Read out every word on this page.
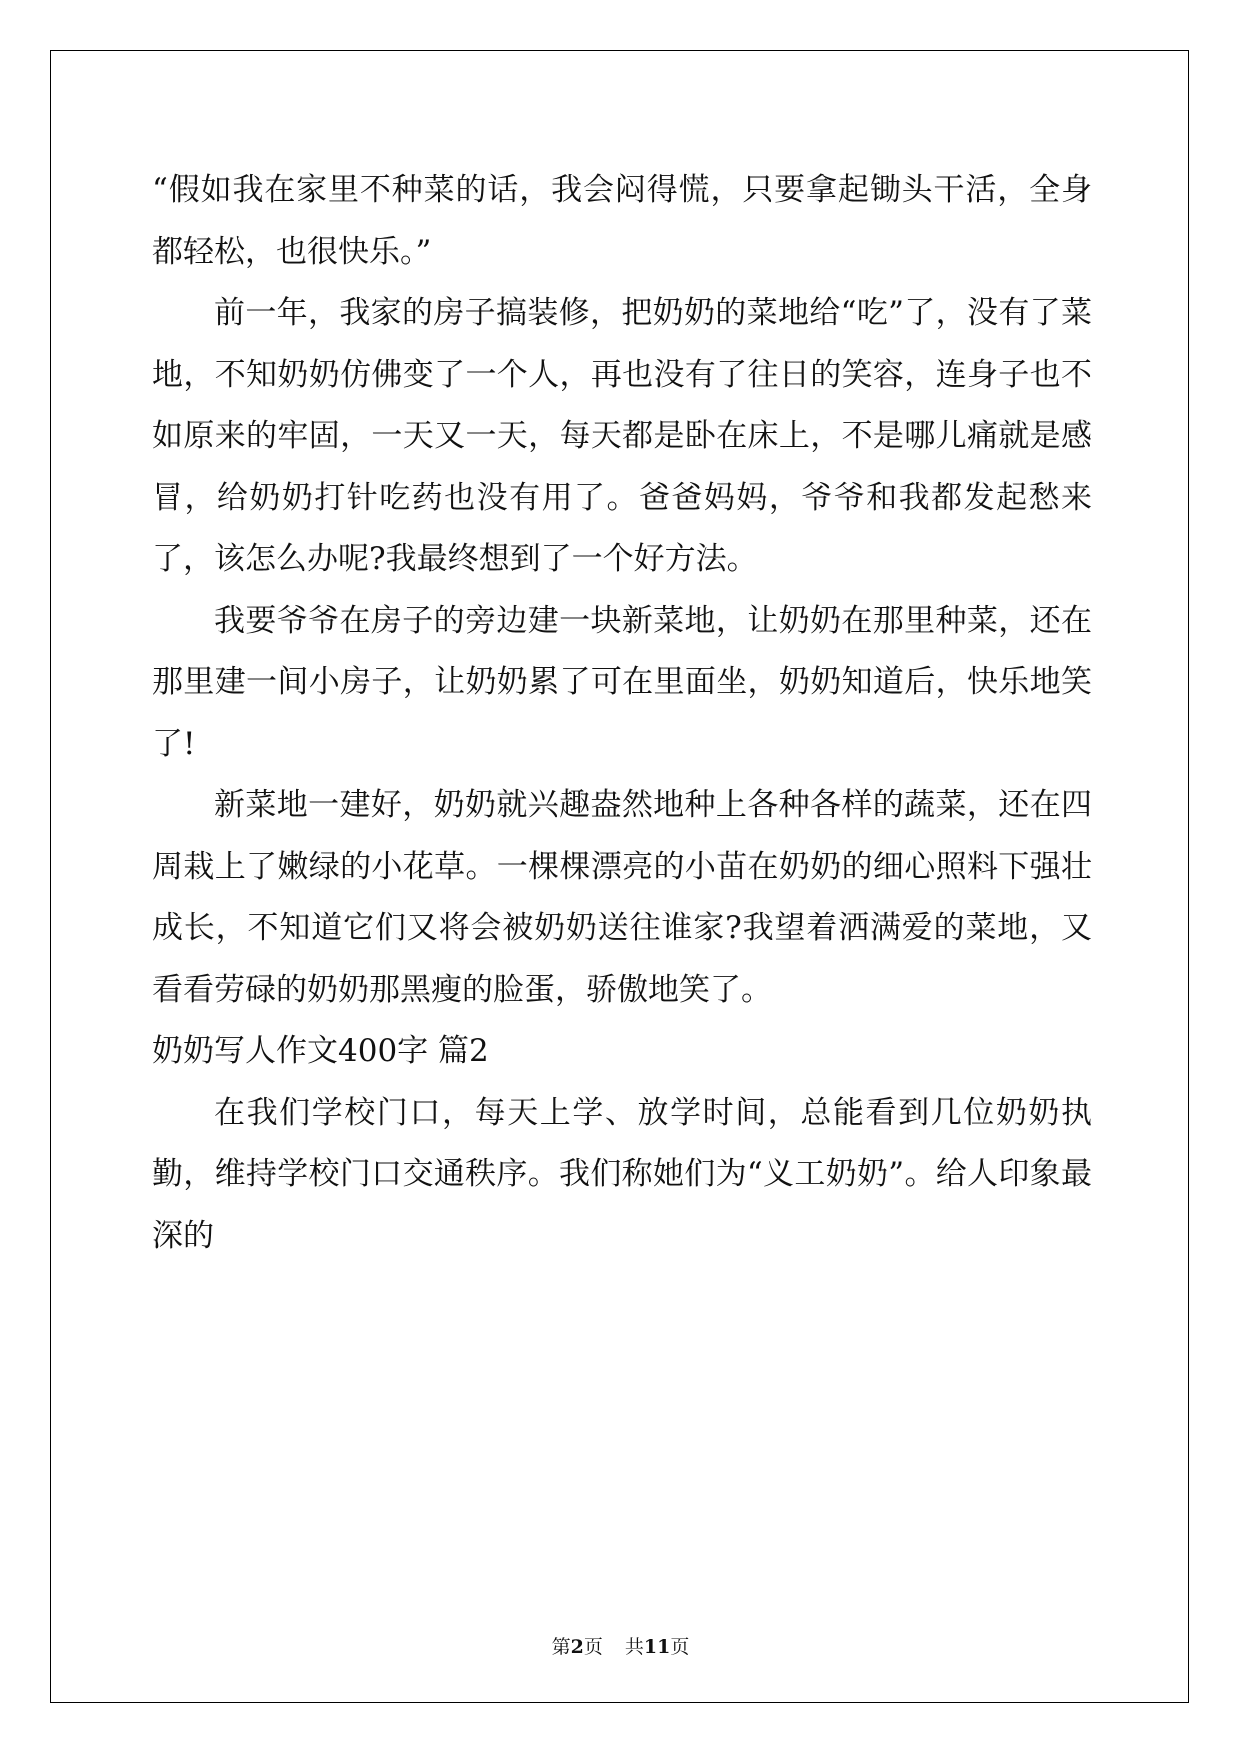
“假如我在家里不种菜的话，我会闷得慌，只要拿起锄头干活，全身都轻松，也很快乐。”

前一年，我家的房子搞装修，把奶奶的菜地给“吃”了，没有了菜地，不知奶奶仿佛变了一个人，再也没有了往日的笑容，连身子也不如原来的牢固，一天又一天，每天都是卧在床上，不是哪儿痛就是感冒，给奶奶打针吃药也没有用了。爸爸妈妈，爷爷和我都发起愁来了，该怎么办呢?我最终想到了一个好方法。

我要爷爷在房子的旁边建一块新菜地，让奶奶在那里种菜，还在那里建一间小房子，让奶奶累了可在里面坐，奶奶知道后，快乐地笑了!

新菜地一建好，奶奶就兴趣盎然地种上各种各样的蔬菜，还在四周栽上了嫩绿的小花草。一棵棵漂亮的小苗在奶奶的细心照料下强壮成长，不知道它们又将会被奶奶送往谁家?我望着洒满爱的菜地，又看看劳碌的奶奶那黑瘦的脸蛋，骄傲地笑了。

奶奶写人作文400字 篇2

在我们学校门口，每天上学、放学时间，总能看到几位奶奶执勤，维持学校门口交通秩序。我们称她们为“义工奶奶”。给人印象最深的

第2页 共11页
